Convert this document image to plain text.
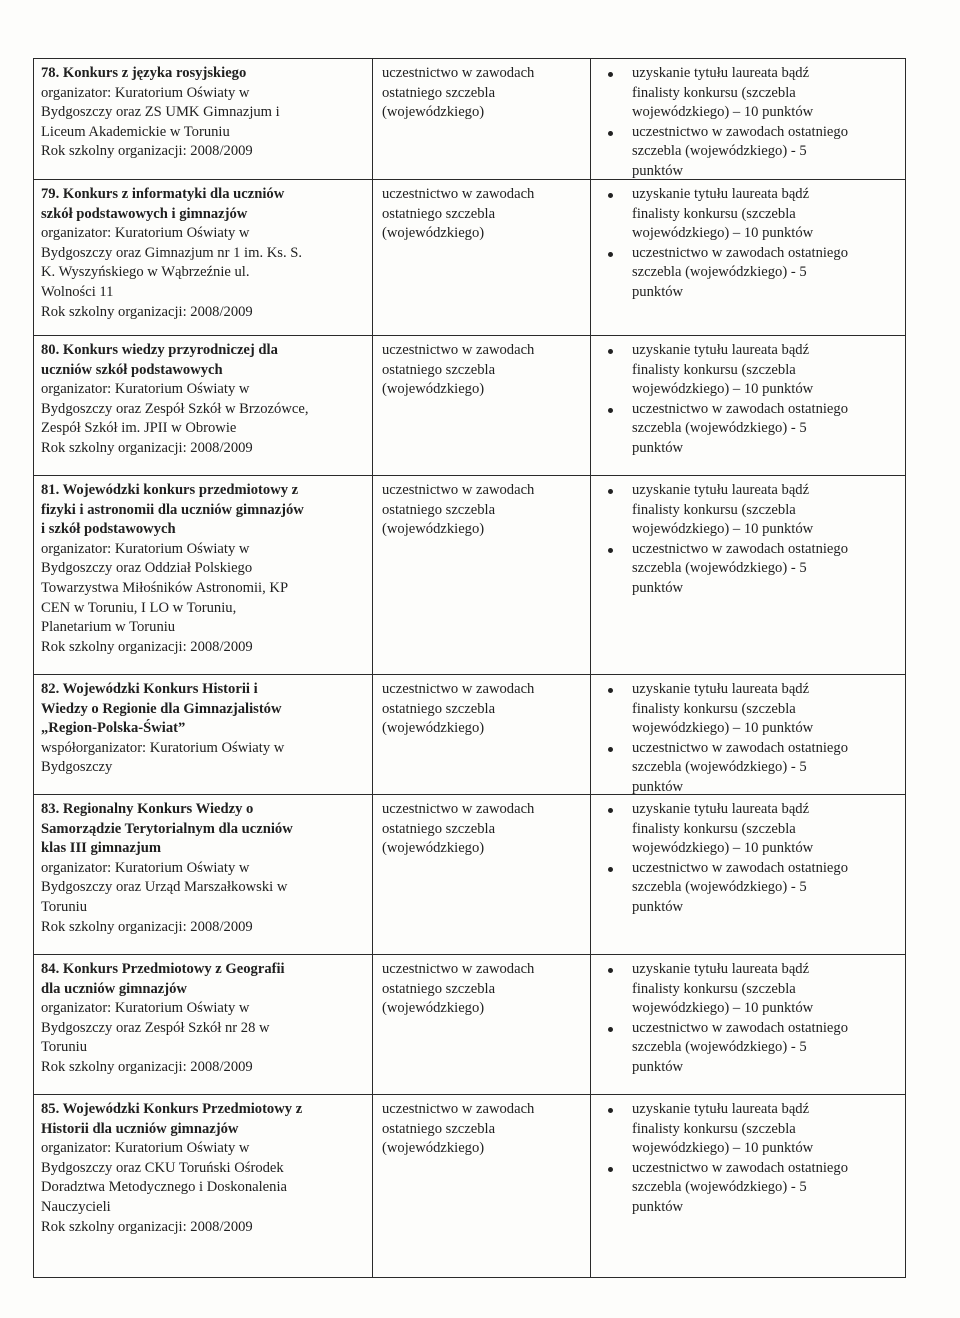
78. Konkurs z języka rosyjskiego
organizator: Kuratorium Oświaty w
Bydgoszczy oraz ZS UMK Gimnazjum i
Liceum Akademickie w Toruniu
Rok szkolny organizacji: 2008/2009
uczestnictwo w zawodach
ostatniego szczebla
(wojewódzkiego)
uzyskanie tytułu laureata bądź
finalisty konkursu (szczebla
wojewódzkiego) – 10 punktów
uczestnictwo w zawodach ostatniego
szczebla (wojewódzkiego) - 5
punktów
79. Konkurs z informatyki dla uczniów
szkół podstawowych i gimnazjów
organizator: Kuratorium Oświaty w
Bydgoszczy oraz Gimnazjum nr 1 im. Ks. S.
K. Wyszyńskiego w Wąbrzeźnie ul.
Wolności 11
Rok szkolny organizacji: 2008/2009
uczestnictwo w zawodach
ostatniego szczebla
(wojewódzkiego)
uzyskanie tytułu laureata bądź
finalisty konkursu (szczebla
wojewódzkiego) – 10 punktów
uczestnictwo w zawodach ostatniego
szczebla (wojewódzkiego) - 5
punktów
80. Konkurs wiedzy przyrodniczej dla
uczniów szkół podstawowych
organizator: Kuratorium Oświaty w
Bydgoszczy oraz Zespół Szkół w Brzozówce,
Zespół Szkół im. JPII w Obrowie
Rok szkolny organizacji: 2008/2009
uczestnictwo w zawodach
ostatniego szczebla
(wojewódzkiego)
uzyskanie tytułu laureata bądź
finalisty konkursu (szczebla
wojewódzkiego) – 10 punktów
uczestnictwo w zawodach ostatniego
szczebla (wojewódzkiego) - 5
punktów
81. Wojewódzki konkurs przedmiotowy z
fizyki i astronomii dla uczniów gimnazjów
i szkół podstawowych
organizator: Kuratorium Oświaty w
Bydgoszczy oraz Oddział Polskiego
Towarzystwa Miłośników Astronomii, KP
CEN w Toruniu, I LO w Toruniu,
Planetarium w Toruniu
Rok szkolny organizacji: 2008/2009
uczestnictwo w zawodach
ostatniego szczebla
(wojewódzkiego)
uzyskanie tytułu laureata bądź
finalisty konkursu (szczebla
wojewódzkiego) – 10 punktów
uczestnictwo w zawodach ostatniego
szczebla (wojewódzkiego) - 5
punktów
82. Wojewódzki Konkurs Historii i
Wiedzy o Regionie dla Gimnazjalistów
„Region-Polska-Świat”
współorganizator: Kuratorium Oświaty w
Bydgoszczy
uczestnictwo w zawodach
ostatniego szczebla
(wojewódzkiego)
uzyskanie tytułu laureata bądź
finalisty konkursu (szczebla
wojewódzkiego) – 10 punktów
uczestnictwo w zawodach ostatniego
szczebla (wojewódzkiego) - 5
punktów
83. Regionalny Konkurs Wiedzy o
Samorządzie Terytorialnym dla uczniów
klas III gimnazjum
organizator: Kuratorium Oświaty w
Bydgoszczy oraz Urząd Marszałkowski w
Toruniu
Rok szkolny organizacji: 2008/2009
uczestnictwo w zawodach
ostatniego szczebla
(wojewódzkiego)
uzyskanie tytułu laureata bądź
finalisty konkursu (szczebla
wojewódzkiego) – 10 punktów
uczestnictwo w zawodach ostatniego
szczebla (wojewódzkiego) - 5
punktów
84. Konkurs Przedmiotowy z Geografii
dla uczniów gimnazjów
organizator: Kuratorium Oświaty w
Bydgoszczy oraz Zespół Szkół nr 28 w
Toruniu
Rok szkolny organizacji: 2008/2009
uczestnictwo w zawodach
ostatniego szczebla
(wojewódzkiego)
uzyskanie tytułu laureata bądź
finalisty konkursu (szczebla
wojewódzkiego) – 10 punktów
uczestnictwo w zawodach ostatniego
szczebla (wojewódzkiego) - 5
punktów
85. Wojewódzki Konkurs Przedmiotowy z
Historii dla uczniów gimnazjów
organizator: Kuratorium Oświaty w
Bydgoszczy oraz CKU Toruński Ośrodek
Doradztwa Metodycznego i Doskonalenia
Nauczycieli
Rok szkolny organizacji: 2008/2009
uczestnictwo w zawodach
ostatniego szczebla
(wojewódzkiego)
uzyskanie tytułu laureata bądź
finalisty konkursu (szczebla
wojewódzkiego) – 10 punktów
uczestnictwo w zawodach ostatniego
szczebla (wojewódzkiego) - 5
punktów
